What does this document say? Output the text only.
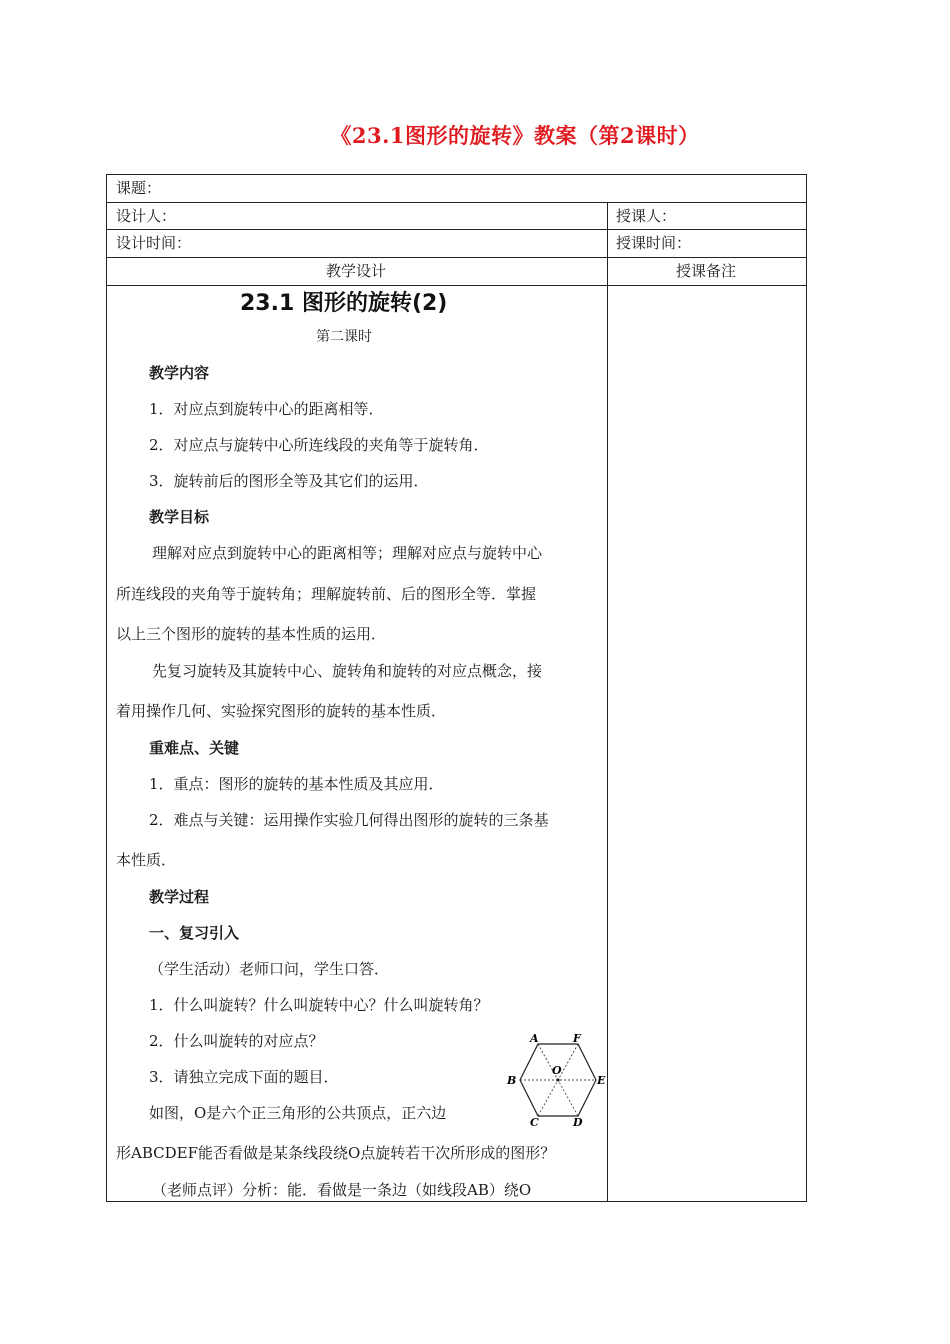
《23.1图形的旋转》教案（第2课时）
课题：
设计人：	授课人：
设计时间：	授课时间：
教学设计	授课备注
23.1 图形的旋转(2)
第二课时
教学内容
1．对应点到旋转中心的距离相等．
2．对应点与旋转中心所连线段的夹角等于旋转角．
3．旋转前后的图形全等及其它们的运用．
教学目标
理解对应点到旋转中心的距离相等；理解对应点与旋转中心
所连线段的夹角等于旋转角；理解旋转前、后的图形全等．掌握
以上三个图形的旋转的基本性质的运用．
先复习旋转及其旋转中心、旋转角和旋转的对应点概念，接
着用操作几何、实验探究图形的旋转的基本性质．
重难点、关键
1．重点：图形的旋转的基本性质及其应用．
2．难点与关键：运用操作实验几何得出图形的旋转的三条基
本性质．
教学过程
一、复习引入
（学生活动）老师口问，学生口答．
1．什么叫旋转？什么叫旋转中心？什么叫旋转角？
2．什么叫旋转的对应点？
3．请独立完成下面的题目．
如图，O是六个正三角形的公共顶点，正六边
形ABCDEF能否看做是某条线段绕O点旋转若干次所形成的图形？
（老师点评）分析：能．看做是一条边（如线段AB）绕O
A	F
B
O
E
C	D
